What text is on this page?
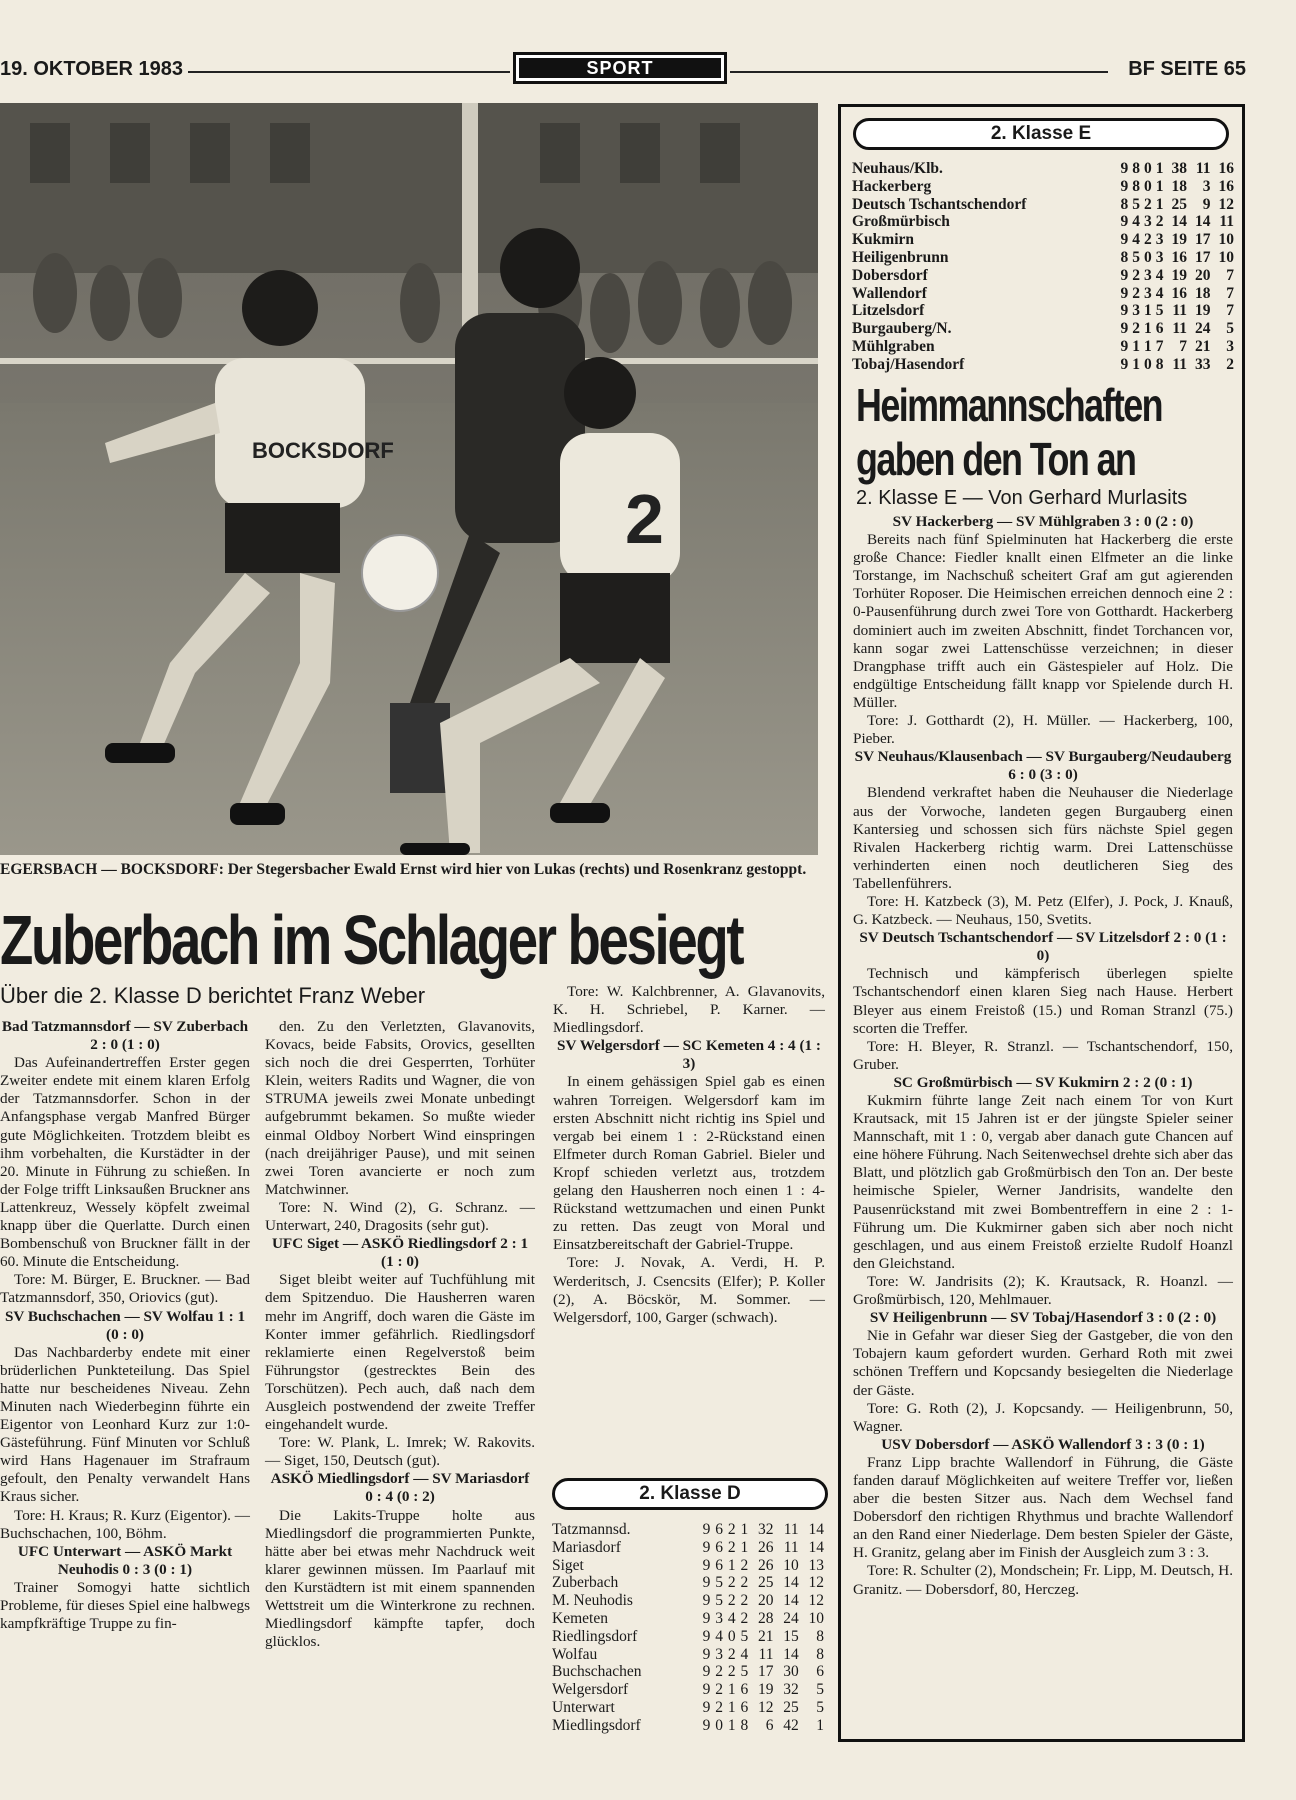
19. OKTOBER 1983	SPORT	BF SEITE 65
BOCKSDORF
2
EGERSBACH — BOCKSDORF: Der Stegersbacher Ewald Ernst wird hier von Lukas (rechts) und Rosenkranz gestoppt.
Zuberbach im Schlager besiegt
Über die 2. Klasse D berichtet Franz Weber

Bad Tatzmannsdorf — SV Zuberbach 2 : 0 (1 : 0)

Das Aufeinandertreffen Erster gegen Zweiter endete mit einem klaren Erfolg der Tatzmannsdorfer. Schon in der Anfangsphase vergab Manfred Bürger gute Möglichkeiten. Trotzdem bleibt es ihm vorbehalten, die Kurstädter in der 20. Minute in Führung zu schießen. In der Folge trifft Linksaußen Bruckner ans Lattenkreuz, Wessely köpfelt zweimal knapp über die Querlatte. Durch einen Bombenschuß von Bruckner fällt in der 60. Minute die Entscheidung.

Tore: M. Bürger, E. Bruckner. — Bad Tatzmannsdorf, 350, Oriovics (gut).

SV Buchschachen — SV Wolfau 1 : 1 (0 : 0)

Das Nachbarderby endete mit einer brüderlichen Punkteteilung. Das Spiel hatte nur bescheidenes Niveau. Zehn Minuten nach Wiederbeginn führte ein Eigentor von Leonhard Kurz zur 1:0-Gästeführung. Fünf Minuten vor Schluß wird Hans Hagenauer im Strafraum gefoult, den Penalty verwandelt Hans Kraus sicher.

Tore: H. Kraus; R. Kurz (Eigentor). — Buchschachen, 100, Böhm.

UFC Unterwart — ASKÖ Markt Neuhodis 0 : 3 (0 : 1)

Trainer Somogyi hatte sichtlich Probleme, für dieses Spiel eine halbwegs kampfkräftige Truppe zu fin-

den. Zu den Verletzten, Glavanovits, Kovacs, beide Fabsits, Orovics, gesellten sich noch die drei Gesperrten, Torhüter Klein, weiters Radits und Wagner, die von STRUMA jeweils zwei Monate unbedingt aufgebrummt bekamen. So mußte wieder einmal Oldboy Norbert Wind einspringen (nach dreijähriger Pause), und mit seinen zwei Toren avancierte er noch zum Matchwinner.

Tore: N. Wind (2), G. Schranz. — Unterwart, 240, Dragosits (sehr gut).

UFC Siget — ASKÖ Riedlingsdorf 2 : 1 (1 : 0)

Siget bleibt weiter auf Tuchfühlung mit dem Spitzenduo. Die Hausherren waren mehr im Angriff, doch waren die Gäste im Konter immer gefährlich. Riedlingsdorf reklamierte einen Regelverstoß beim Führungstor (gestrecktes Bein des Torschützen). Pech auch, daß nach dem Ausgleich postwendend der zweite Treffer eingehandelt wurde.

Tore: W. Plank, L. Imrek; W. Rakovits. — Siget, 150, Deutsch (gut).

ASKÖ Miedlingsdorf — SV Mariasdorf 0 : 4 (0 : 2)

Die Lakits-Truppe holte aus Miedlingsdorf die programmierten Punkte, hätte aber bei etwas mehr Nachdruck weit klarer gewinnen müssen. Im Paarlauf mit den Kurstädtern ist mit einem spannenden Wettstreit um die Winterkrone zu rechnen. Miedlingsdorf kämpfte tapfer, doch glücklos.

Tore: W. Kalchbrenner, A. Glavanovits, K. H. Schriebel, P. Karner. — Miedlingsdorf.

SV Welgersdorf — SC Kemeten 4 : 4 (1 : 3)

In einem gehässigen Spiel gab es einen wahren Torreigen. Welgersdorf kam im ersten Abschnitt nicht richtig ins Spiel und vergab bei einem 1 : 2-Rückstand einen Elfmeter durch Roman Gabriel. Bieler und Kropf schieden verletzt aus, trotzdem gelang den Hausherren noch einen 1 : 4-Rückstand wettzumachen und einen Punkt zu retten. Das zeugt von Moral und Einsatzbereitschaft der Gabriel-Truppe.

Tore: J. Novak, A. Verdi, H. P. Werderitsch, J. Csencsits (Elfer); P. Koller (2), A. Böcskör, M. Sommer. — Welgersdorf, 100, Garger (schwach).

2. Klasse D
Tatzmannsd.	9	6	2	1	32	11	14
Mariasdorf	9	6	2	1	26	11	14
Siget	9	6	1	2	26	10	13
Zuberbach	9	5	2	2	25	14	12
M. Neuhodis	9	5	2	2	20	14	12
Kemeten	9	3	4	2	28	24	10
Riedlingsdorf	9	4	0	5	21	15	8
Wolfau	9	3	2	4	11	14	8
Buchschachen	9	2	2	5	17	30	6
Welgersdorf	9	2	1	6	19	32	5
Unterwart	9	2	1	6	12	25	5
Miedlingsdorf	9	0	1	8	6	42	1
2. Klasse E
Neuhaus/Klb.	9	8	0	1	38	11	16
Hackerberg	9	8	0	1	18	3	16
Deutsch Tschantschendorf	8	5	2	1	25	9	12
Großmürbisch	9	4	3	2	14	14	11
Kukmirn	9	4	2	3	19	17	10
Heiligenbrunn	8	5	0	3	16	17	10
Dobersdorf	9	2	3	4	19	20	7
Wallendorf	9	2	3	4	16	18	7
Litzelsdorf	9	3	1	5	11	19	7
Burgauberg/N.	9	2	1	6	11	24	5
Mühlgraben	9	1	1	7	7	21	3
Tobaj/Hasendorf	9	1	0	8	11	33	2
Heimmannschaften gaben den Ton an
2. Klasse E — Von Gerhard Murlasits

SV Hackerberg — SV Mühlgraben 3 : 0 (2 : 0)

Bereits nach fünf Spielminuten hat Hackerberg die erste große Chance: Fiedler knallt einen Elfmeter an die linke Torstange, im Nachschuß scheitert Graf am gut agierenden Torhüter Roposer. Die Heimischen erreichen dennoch eine 2 : 0-Pausenführung durch zwei Tore von Gotthardt. Hackerberg dominiert auch im zweiten Abschnitt, findet Torchancen vor, kann sogar zwei Lattenschüsse verzeichnen; in dieser Drangphase trifft auch ein Gästespieler auf Holz. Die endgültige Entscheidung fällt knapp vor Spielende durch H. Müller.

Tore: J. Gotthardt (2), H. Müller. — Hackerberg, 100, Pieber.

SV Neuhaus/Klausenbach — SV Burgauberg/Neudauberg 6 : 0 (3 : 0)

Blendend verkraftet haben die Neuhauser die Niederlage aus der Vorwoche, landeten gegen Burgauberg einen Kantersieg und schossen sich fürs nächste Spiel gegen Rivalen Hackerberg richtig warm. Drei Lattenschüsse verhinderten einen noch deutlicheren Sieg des Tabellenführers.

Tore: H. Katzbeck (3), M. Petz (Elfer), J. Pock, J. Knauß, G. Katzbeck. — Neuhaus, 150, Svetits.

SV Deutsch Tschantschendorf — SV Litzelsdorf 2 : 0 (1 : 0)

Technisch und kämpferisch überlegen spielte Tschantschendorf einen klaren Sieg nach Hause. Herbert Bleyer aus einem Freistoß (15.) und Roman Stranzl (75.) scorten die Treffer.

Tore: H. Bleyer, R. Stranzl. — Tschantschendorf, 150, Gruber.

SC Großmürbisch — SV Kukmirn 2 : 2 (0 : 1)

Kukmirn führte lange Zeit nach einem Tor von Kurt Krautsack, mit 15 Jahren ist er der jüngste Spieler seiner Mannschaft, mit 1 : 0, vergab aber danach gute Chancen auf eine höhere Führung. Nach Seitenwechsel drehte sich aber das Blatt, und plötzlich gab Großmürbisch den Ton an. Der beste heimische Spieler, Werner Jandrisits, wandelte den Pausenrückstand mit zwei Bombentreffern in eine 2 : 1-Führung um. Die Kukmirner gaben sich aber noch nicht geschlagen, und aus einem Freistoß erzielte Rudolf Hoanzl den Gleichstand.

Tore: W. Jandrisits (2); K. Krautsack, R. Hoanzl. — Großmürbisch, 120, Mehlmauer.

SV Heiligenbrunn — SV Tobaj/Hasendorf 3 : 0 (2 : 0)

Nie in Gefahr war dieser Sieg der Gastgeber, die von den Tobajern kaum gefordert wurden. Gerhard Roth mit zwei schönen Treffern und Kopcsandy besiegelten die Niederlage der Gäste.

Tore: G. Roth (2), J. Kopcsandy. — Heiligenbrunn, 50, Wagner.

USV Dobersdorf — ASKÖ Wallendorf 3 : 3 (0 : 1)

Franz Lipp brachte Wallendorf in Führung, die Gäste fanden darauf Möglichkeiten auf weitere Treffer vor, ließen aber die besten Sitzer aus. Nach dem Wechsel fand Dobersdorf den richtigen Rhythmus und brachte Wallendorf an den Rand einer Niederlage. Dem besten Spieler der Gäste, H. Granitz, gelang aber im Finish der Ausgleich zum 3 : 3.

Tore: R. Schulter (2), Mondschein; Fr. Lipp, M. Deutsch, H. Granitz. — Dobersdorf, 80, Herczeg.
